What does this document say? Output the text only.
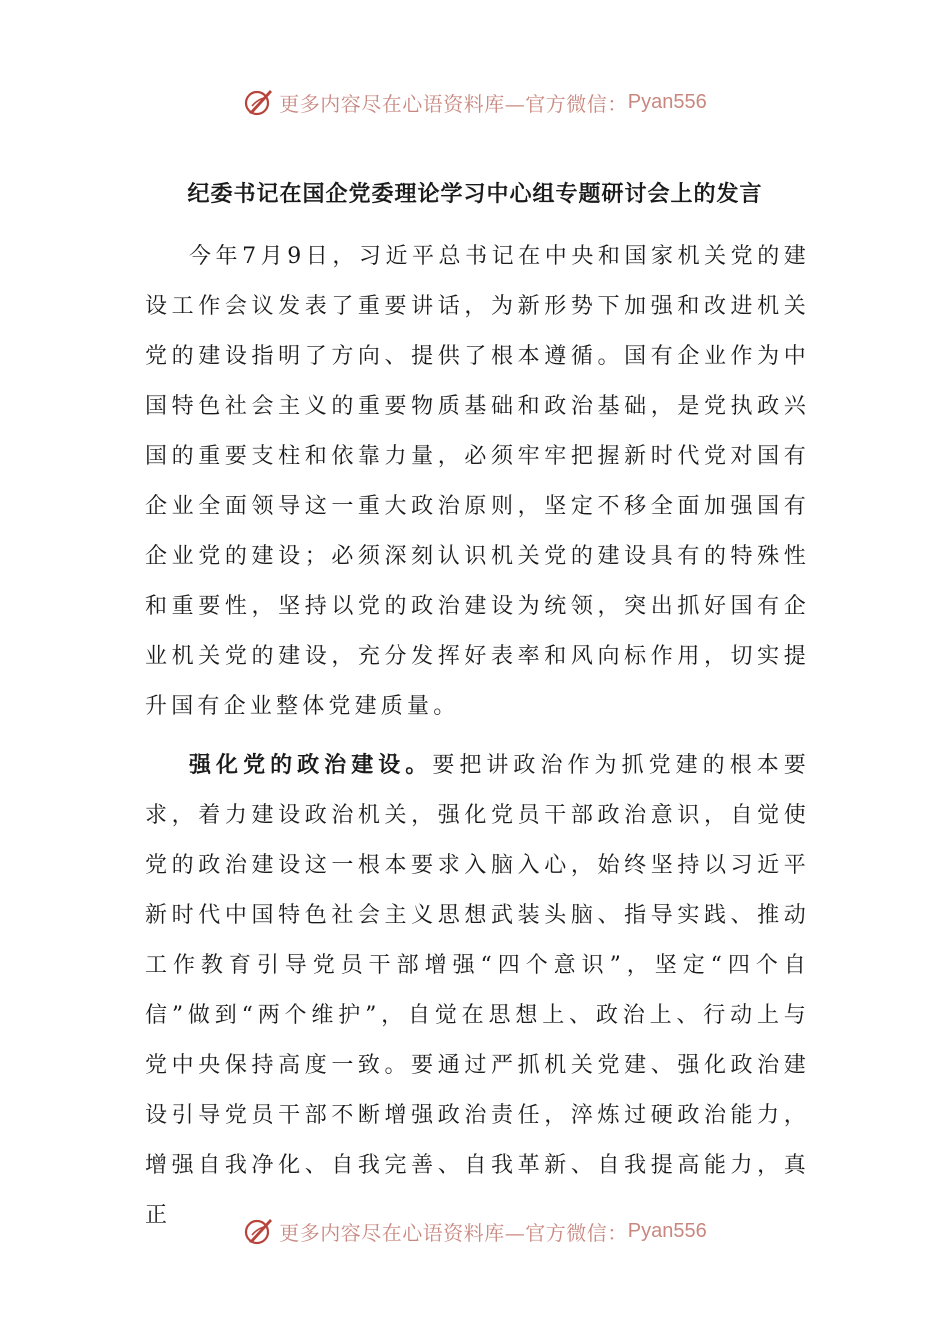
更多内容尽在心语资料库—官方微信： Pyan556
纪委书记在国企党委理论学习中心组专题研讨会上的发言

今年7月9日，习近平总书记在中央和国家机关党的建设工作会议发表了重要讲话，为新形势下加强和改进机关党的建设指明了方向、提供了根本遵循。国有企业作为中国特色社会主义的重要物质基础和政治基础，是党执政兴国的重要支柱和依靠力量，必须牢牢把握新时代党对国有企业全面领导这一重大政治原则，坚定不移全面加强国有企业党的建设；必须深刻认识机关党的建设具有的特殊性和重要性，坚持以党的政治建设为统领，突出抓好国有企业机关党的建设，充分发挥好表率和风向标作用，切实提升国有企业整体党建质量。

强化党的政治建设。要把讲政治作为抓党建的根本要求，着力建设政治机关，强化党员干部政治意识，自觉使党的政治建设这一根本要求入脑入心，始终坚持以习近平新时代中国特色社会主义思想武装头脑、指导实践、推动工作教育引导党员干部增强“四个意识”，坚定“四个自信”做到“两个维护”，自觉在思想上、政治上、行动上与党中央保持高度一致。要通过严抓机关党建、强化政治建设引导党员干部不断增强政治责任，淬炼过硬政治能力，增强自我净化、自我完善、自我革新、自我提高能力，真正

更多内容尽在心语资料库—官方微信： Pyan556
